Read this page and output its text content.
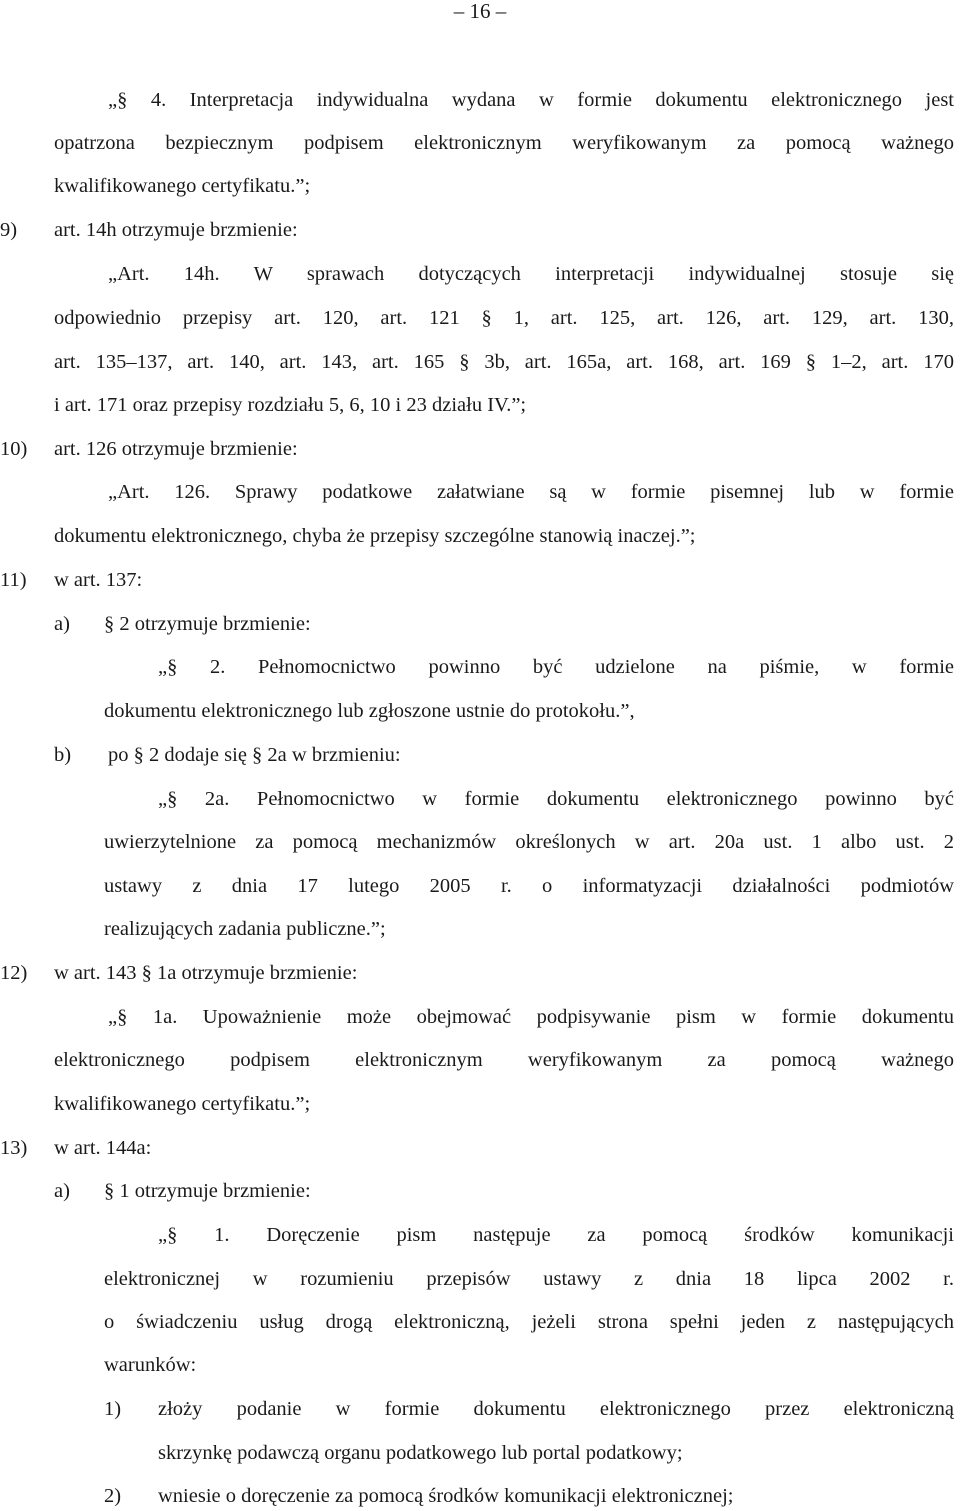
– 16 –
„§ 4. Interpretacja indywidualna wydana w formie dokumentu elektronicznego jest
opatrzona bezpiecznym podpisem elektronicznym weryfikowanym za pomocą ważnego
kwalifikowanego certyfikatu.”;
9) art. 14h otrzymuje brzmienie:
„Art. 14h. W sprawach dotyczących interpretacji indywidualnej stosuje się
odpowiednio przepisy art. 120, art. 121 § 1, art. 125, art. 126, art. 129, art. 130,
art. 135–137, art. 140, art. 143, art. 165 § 3b, art. 165a, art. 168, art. 169 § 1–2, art. 170
i art. 171 oraz przepisy rozdziału 5, 6, 10 i 23 działu IV.”;
10) art. 126 otrzymuje brzmienie:
„Art. 126. Sprawy podatkowe załatwiane są w formie pisemnej lub w formie
dokumentu elektronicznego, chyba że przepisy szczególne stanowią inaczej.”;
11) w art. 137:
a) § 2 otrzymuje brzmienie:
„§ 2. Pełnomocnictwo powinno być udzielone na piśmie, w formie
dokumentu elektronicznego lub zgłoszone ustnie do protokołu.”,
b) po § 2 dodaje się § 2a w brzmieniu:
„§ 2a. Pełnomocnictwo w formie dokumentu elektronicznego powinno być
uwierzytelnione za pomocą mechanizmów określonych w art. 20a ust. 1 albo ust. 2
ustawy z dnia 17 lutego 2005 r. o informatyzacji działalności podmiotów
realizujących zadania publiczne.”;
12) w art. 143 § 1a otrzymuje brzmienie:
„§ 1a. Upoważnienie może obejmować podpisywanie pism w formie dokumentu
elektronicznego podpisem elektronicznym weryfikowanym za pomocą ważnego
kwalifikowanego certyfikatu.”;
13) w art. 144a:
a) § 1 otrzymuje brzmienie:
„§ 1. Doręczenie pism następuje za pomocą środków komunikacji
elektronicznej w rozumieniu przepisów ustawy z dnia 18 lipca 2002 r.
o świadczeniu usług drogą elektroniczną, jeżeli strona spełni jeden z następujących
warunków:
1) złoży podanie w formie dokumentu elektronicznego przez elektroniczną
skrzynkę podawczą organu podatkowego lub portal podatkowy;
2) wniesie o doręczenie za pomocą środków komunikacji elektronicznej;
